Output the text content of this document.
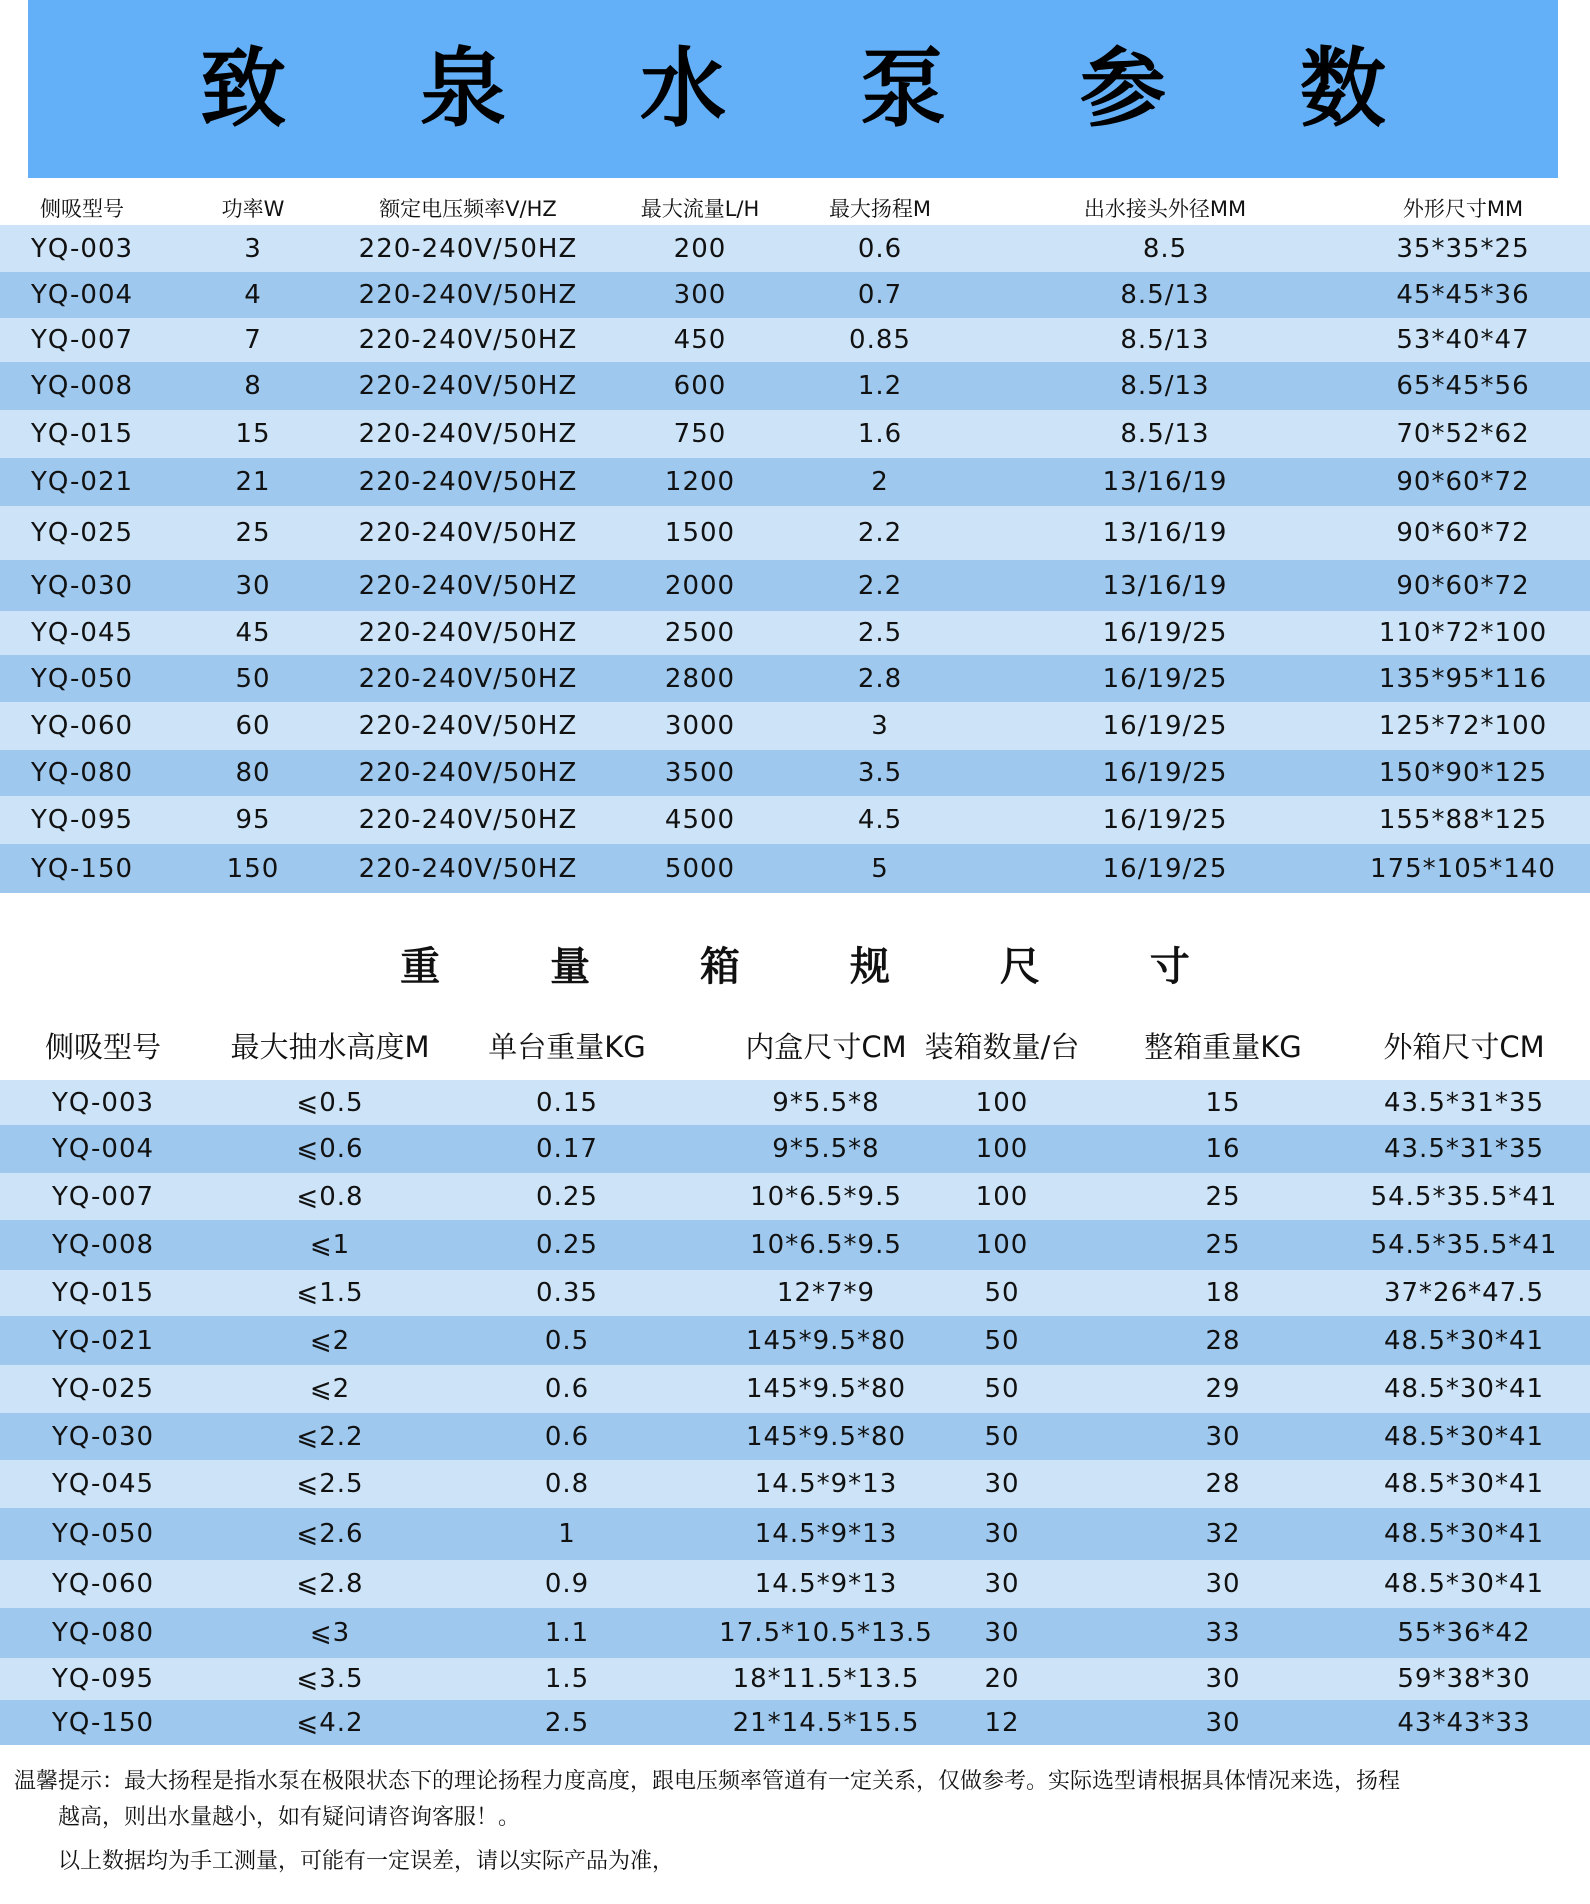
致 泉 水 泵 参 数
侧吸型号	功率W	额定电压频率V/HZ	最大流量L/H	最大扬程M	出水接头外径MM	外形尺寸MM
YQ-003	3	220-240V/50HZ	200	0.6	8.5	35*35*25
YQ-004	4	220-240V/50HZ	300	0.7	8.5/13	45*45*36
YQ-007	7	220-240V/50HZ	450	0.85	8.5/13	53*40*47
YQ-008	8	220-240V/50HZ	600	1.2	8.5/13	65*45*56
YQ-015	15	220-240V/50HZ	750	1.6	8.5/13	70*52*62
YQ-021	21	220-240V/50HZ	1200	2	13/16/19	90*60*72
YQ-025	25	220-240V/50HZ	1500	2.2	13/16/19	90*60*72
YQ-030	30	220-240V/50HZ	2000	2.2	13/16/19	90*60*72
YQ-045	45	220-240V/50HZ	2500	2.5	16/19/25	110*72*100
YQ-050	50	220-240V/50HZ	2800	2.8	16/19/25	135*95*116
YQ-060	60	220-240V/50HZ	3000	3	16/19/25	125*72*100
YQ-080	80	220-240V/50HZ	3500	3.5	16/19/25	150*90*125
YQ-095	95	220-240V/50HZ	4500	4.5	16/19/25	155*88*125
YQ-150	150	220-240V/50HZ	5000	5	16/19/25	175*105*140
重 量 箱 规 尺 寸
侧吸型号	最大抽水高度M	单台重量KG	内盒尺寸CM 装箱数量/台	整箱重量KG	外箱尺寸CM
YQ-003	⩽0.5	0.15	9*5.5*8	100	15	43.5*31*35
YQ-004	⩽0.6	0.17	9*5.5*8	100	16	43.5*31*35
YQ-007	⩽0.8	0.25	10*6.5*9.5	100	25	54.5*35.5*41
YQ-008	⩽1	0.25	10*6.5*9.5	100	25	54.5*35.5*41
YQ-015	⩽1.5	0.35	12*7*9	50	18	37*26*47.5
YQ-021	⩽2	0.5	145*9.5*80	50	28	48.5*30*41
YQ-025	⩽2	0.6	145*9.5*80	50	29	48.5*30*41
YQ-030	⩽2.2	0.6	145*9.5*80	50	30	48.5*30*41
YQ-045	⩽2.5	0.8	14.5*9*13	30	28	48.5*30*41
YQ-050	⩽2.6	1	14.5*9*13	30	32	48.5*30*41
YQ-060	⩽2.8	0.9	14.5*9*13	30	30	48.5*30*41
YQ-080	⩽3	1.1	17.5*10.5*13.5	30	33	55*36*42
YQ-095	⩽3.5	1.5	18*11.5*13.5	20	30	59*38*30
YQ-150	⩽4.2	2.5	21*14.5*15.5	12	30	43*43*33
温馨提示：最大扬程是指水泵在极限状态下的理论扬程力度高度，跟电压频率管道有一定关系，仅做参考。实际选型请根据具体情况来选，扬程
越高，则出水量越小，如有疑问请咨询客服！。
以上数据均为手工测量，可能有一定误差，请以实际产品为准，
